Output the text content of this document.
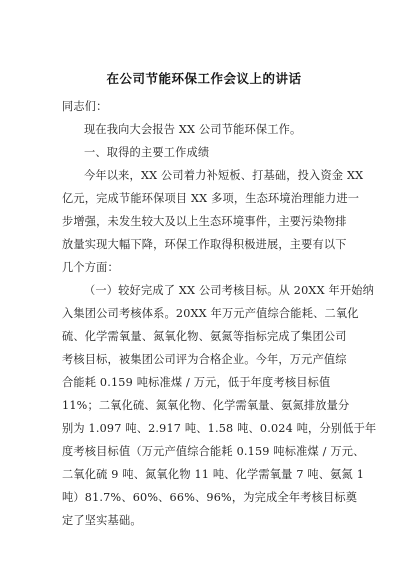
在公司节能环保工作会议上的讲话
同志们：
现在我向大会报告 XX 公司节能环保工作。
一、取得的主要工作成绩
今年以来，XX 公司着力补短板、打基础，投入资金 XX
亿元，完成节能环保项目 XX 多项，生态环境治理能力进一
步增强，未发生较大及以上生态环境事件，主要污染物排
放量实现大幅下降，环保工作取得积极进展，主要有以下
几个方面：
（一）较好完成了 XX 公司考核目标。从 20XX 年开始纳
入集团公司考核体系。20XX 年万元产值综合能耗、二氧化
硫、化学需氧量、氮氧化物、氨氮等指标完成了集团公司
考核目标，被集团公司评为合格企业。今年，万元产值综
合能耗 0.159 吨标准煤 / 万元，低于年度考核目标值
11%；二氧化硫、氮氧化物、化学需氧量、氨氮排放量分
别为 1.097 吨、2.917 吨、1.58 吨、0.024 吨，分别低于年
度考核目标值（万元产值综合能耗 0.159 吨标准煤 / 万元、
二氧化硫 9 吨、氮氧化物 11 吨、化学需氧量 7 吨、氨氮 1
吨）81.7%、60%、66%、96%，为完成全年考核目标奠
定了坚实基础。
